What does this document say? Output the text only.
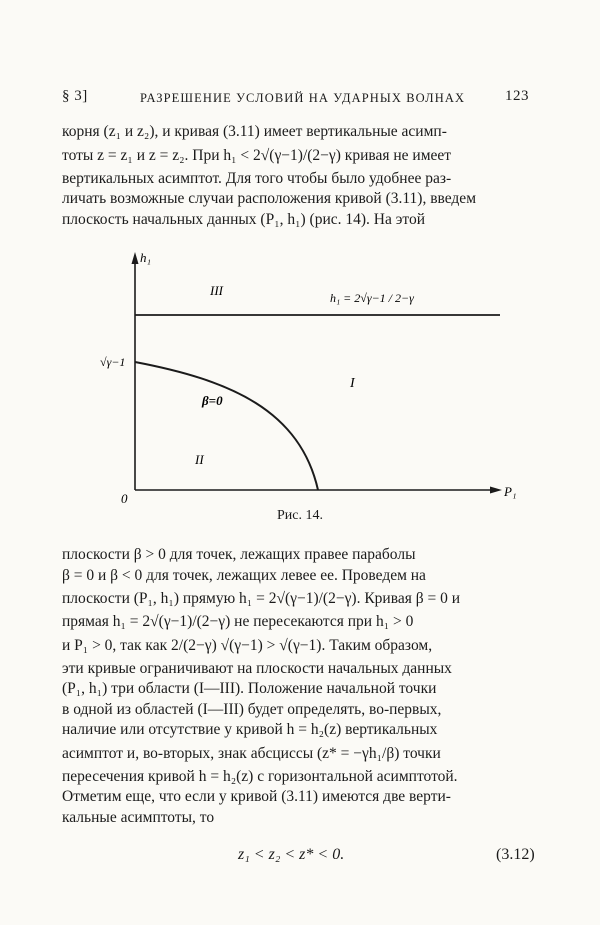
§ 3]	РАЗРЕШЕНИЕ УСЛОВИЙ НА УДАРНЫХ ВОЛНАХ	123
корня (z₁ и z₂), и кривая (3.11) имеет вертикальные асимп-
тоты z = z₁ и z = z₂. При h₁ < 2√(γ−1)/(2−γ) кривая не имеет
вертикальных асимптот. Для того чтобы было удобнее раз-
личать возможные случаи расположения кривой (3.11), введем
плоскость начальных данных (P₁, h₁) (рис. 14). На этой
h₁
P₁
0
√γ−1
h₁ = 2√γ−1 / 2−γ
β=0
III
I
II
Рис. 14.
плоскости β > 0 для точек, лежащих правее параболы
β = 0 и β < 0 для точек, лежащих левее ее. Проведем на
плоскости (P₁, h₁) прямую h₁ = 2√(γ−1)/(2−γ). Кривая β = 0 и
прямая h₁ = 2√(γ−1)/(2−γ) не пересекаются при h₁ > 0
и P₁ > 0, так как 2/(2−γ) √(γ−1) > √(γ−1). Таким образом,
эти кривые ограничивают на плоскости начальных данных
(P₁, h₁) три области (I—III). Положение начальной точки
в одной из областей (I—III) будет определять, во-первых,
наличие или отсутствие у кривой h = h₂(z) вертикальных
асимптот и, во-вторых, знак абсциссы (z* = −γh₁/β) точки
пересечения кривой h = h₂(z) с горизонтальной асимптотой.
Отметим еще, что если у кривой (3.11) имеются две верти-
кальные асимптоты, то
z₁ < z₂ < z* < 0.	(3.12)
